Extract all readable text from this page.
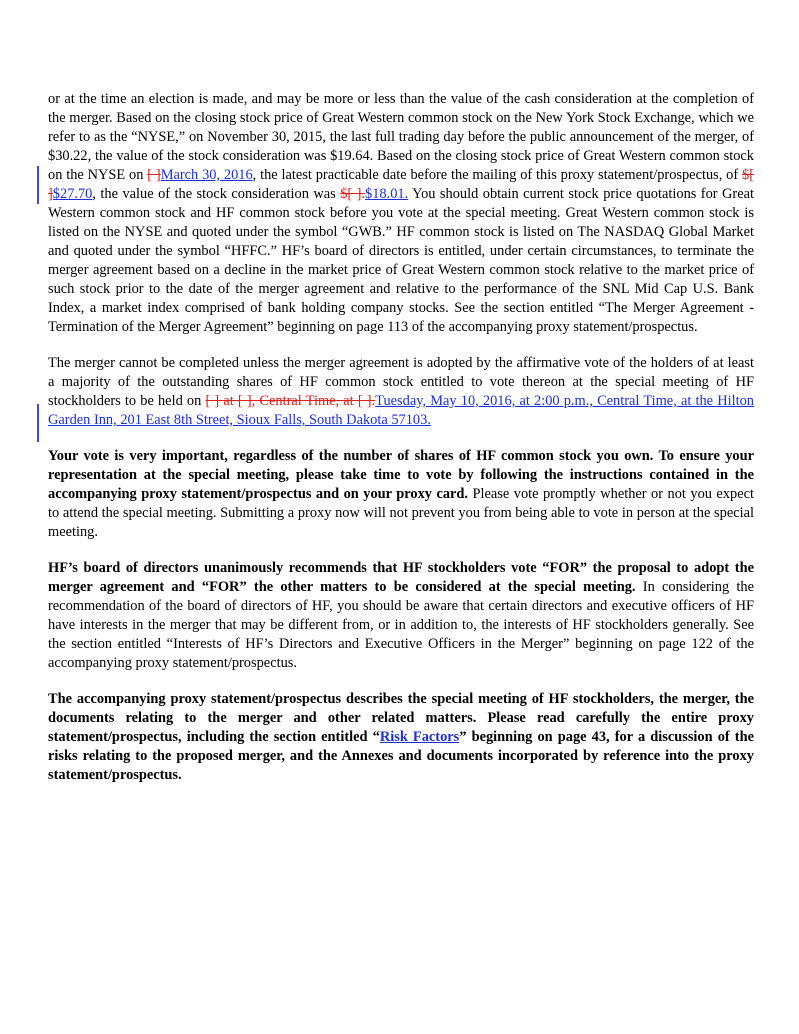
or at the time an election is made, and may be more or less than the value of the cash consideration at the completion of the merger. Based on the closing stock price of Great Western common stock on the New York Stock Exchange, which we refer to as the “NYSE,” on November 30, 2015, the last full trading day before the public announcement of the merger, of $30.22, the value of the stock consideration was $19.64. Based on the closing stock price of Great Western common stock on the NYSE on [ ]March 30, 2016, the latest practicable date before the mailing of this proxy statement/prospectus, of $[ ]$27.70, the value of the stock consideration was $[ ].$18.01. You should obtain current stock price quotations for Great Western common stock and HF common stock before you vote at the special meeting. Great Western common stock is listed on the NYSE and quoted under the symbol “GWB.” HF common stock is listed on The NASDAQ Global Market and quoted under the symbol “HFFC.” HF’s board of directors is entitled, under certain circumstances, to terminate the merger agreement based on a decline in the market price of Great Western common stock relative to the market price of such stock prior to the date of the merger agreement and relative to the performance of the SNL Mid Cap U.S. Bank Index, a market index comprised of bank holding company stocks. See the section entitled “The Merger Agreement - Termination of the Merger Agreement” beginning on page 113 of the accompanying proxy statement/prospectus.

The merger cannot be completed unless the merger agreement is adopted by the affirmative vote of the holders of at least a majority of the outstanding shares of HF common stock entitled to vote thereon at the special meeting of HF stockholders to be held on [ ] at [ ], Central Time, at [ ].Tuesday, May 10, 2016, at 2:00 p.m., Central Time, at the Hilton Garden Inn, 201 East 8th Street, Sioux Falls, South Dakota 57103.

Your vote is very important, regardless of the number of shares of HF common stock you own. To ensure your representation at the special meeting, please take time to vote by following the instructions contained in the accompanying proxy statement/prospectus and on your proxy card. Please vote promptly whether or not you expect to attend the special meeting. Submitting a proxy now will not prevent you from being able to vote in person at the special meeting.

HF’s board of directors unanimously recommends that HF stockholders vote “FOR” the proposal to adopt the merger agreement and “FOR” the other matters to be considered at the special meeting. In considering the recommendation of the board of directors of HF, you should be aware that certain directors and executive officers of HF have interests in the merger that may be different from, or in addition to, the interests of HF stockholders generally. See the section entitled “Interests of HF’s Directors and Executive Officers in the Merger” beginning on page 122 of the accompanying proxy statement/prospectus.

The accompanying proxy statement/prospectus describes the special meeting of HF stockholders, the merger, the documents relating to the merger and other related matters. Please read carefully the entire proxy statement/prospectus, including the section entitled “Risk Factors” beginning on page 43, for a discussion of the risks relating to the proposed merger, and the Annexes and documents incorporated by reference into the proxy statement/prospectus.
